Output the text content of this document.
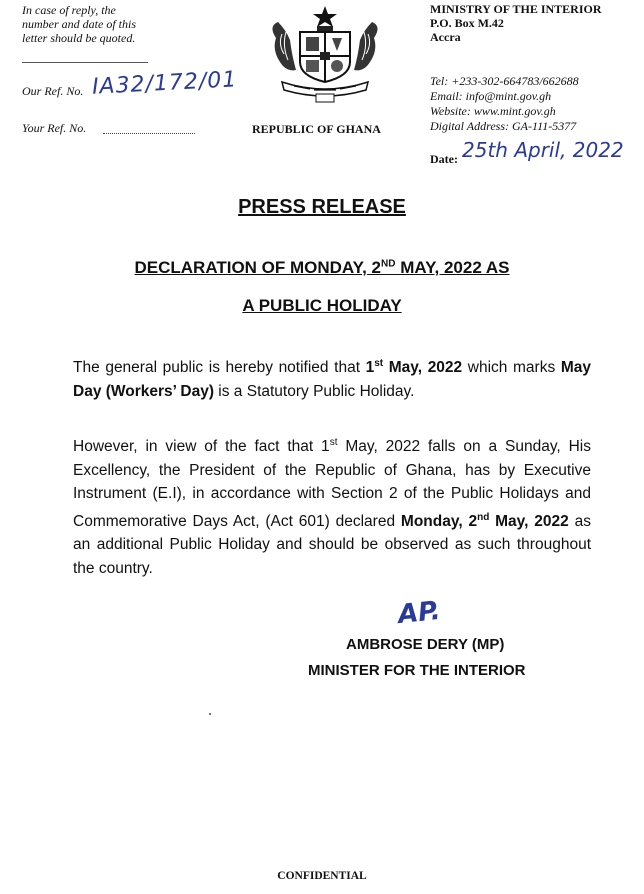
In case of reply, the
number and date of this
letter should be quoted.
Our Ref. No. IA32/172/01
Your Ref. No.	REPUBLIC OF GHANA
MINISTRY OF THE INTERIOR
P.O. Box M.42
Accra
Tel: +233-302-664783/662688
Email: info@mint.gov.gh
Website: www.mint.gov.gh
Digital Address: GA-111-5377
Date: 25th April, 2022
PRESS RELEASE
DECLARATION OF MONDAY, 2ND MAY, 2022 AS
A PUBLIC HOLIDAY
The general public is hereby notified that 1st May, 2022 which marks May Day (Workers’ Day) is a Statutory Public Holiday.
However, in view of the fact that 1st May, 2022 falls on a Sunday, His Excellency, the President of the Republic of Ghana, has by Executive Instrument (E.I), in accordance with Section 2 of the Public Holidays and Commemorative Days Act, (Act 601) declared Monday, 2nd May, 2022 as an additional Public Holiday and should be observed as such throughout the country.
AP.
AMBROSE DERY (MP)
MINISTER FOR THE INTERIOR
CONFIDENTIAL
